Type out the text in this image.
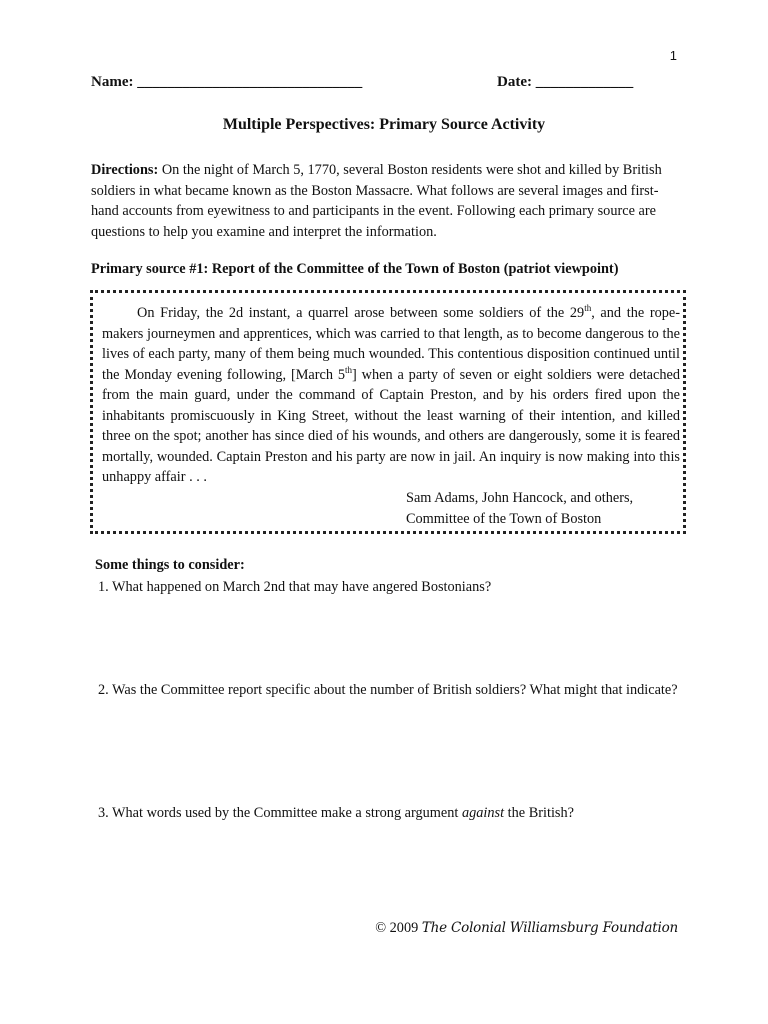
1
Name: ______________________________	Date: _____________
Multiple Perspectives: Primary Source Activity
Directions: On the night of March 5, 1770, several Boston residents were shot and killed by British soldiers in what became known as the Boston Massacre. What follows are several images and first-hand accounts from eyewitness to and participants in the event. Following each primary source are questions to help you examine and interpret the information.
Primary source #1: Report of the Committee of the Town of Boston (patriot viewpoint)

On Friday, the 2d instant, a quarrel arose between some soldiers of the 29th, and the rope-makers journeymen and apprentices, which was carried to that length, as to become dangerous to the lives of each party, many of them being much wounded. This contentious disposition continued until the Monday evening following, [March 5th] when a party of seven or eight soldiers were detached from the main guard, under the command of Captain Preston, and by his orders fired upon the inhabitants promiscuously in King Street, without the least warning of their intention, and killed three on the spot; another has since died of his wounds, and others are dangerously, some it is feared mortally, wounded. Captain Preston and his party are now in jail. An inquiry is now making into this unhappy affair . . .

Sam Adams, John Hancock, and others,
Committee of the Town of Boston
Some things to consider:
1. What happened on March 2nd that may have angered Bostonians?
2. Was the Committee report specific about the number of British soldiers? What might that indicate?
3. What words used by the Committee make a strong argument against the British?
© 2009 The Colonial Williamsburg Foundation
